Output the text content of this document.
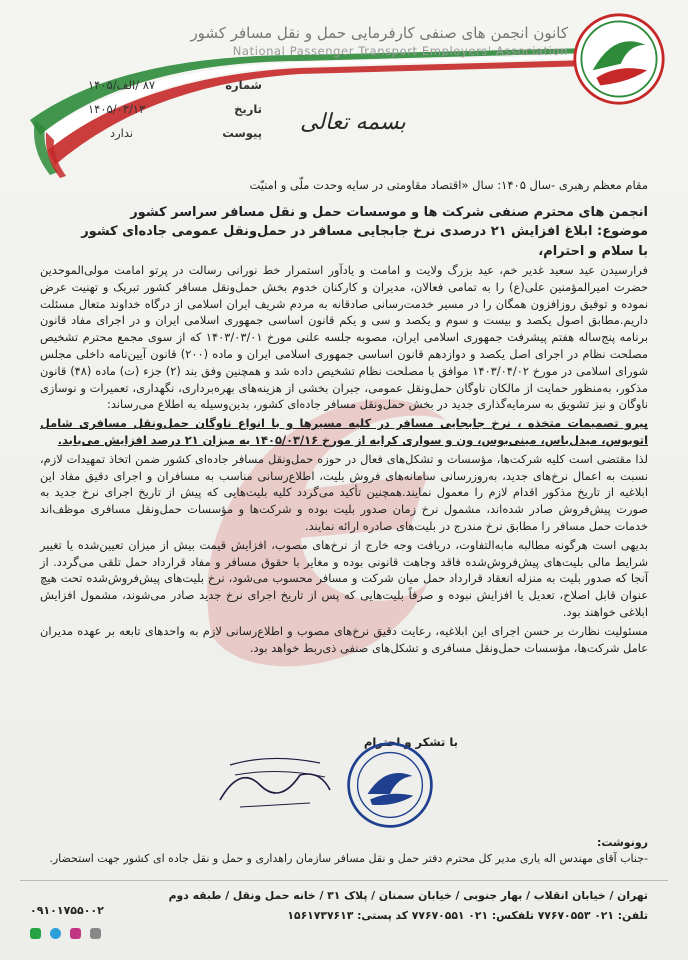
کانون انجمن های صنفی کارفرمایی حمل و نقل مسافر کشور
National Passenger Transport Employers' Association
شماره
۸۷ /الف/۱۴۰۵
تاریخ
۱۴۰۵/۰۳/۱۳
پیوست
ندارد	بسمه تعالی
مقام معظم رهبری -سال ۱۴۰۵: سال «اقتصاد مقاومتی در سایه وحدت ملّی و امنیّت
انجمن های محترم صنفی شرکت ها و موسسات حمل و نقل مسافر سراسر کشور
موضوع: ابلاغ افزایش ۲۱ درصدی نرخ جابجایی مسافر در حمل‌ونقل عمومی جاده‌ای کشور
با سلام و احترام،

فرارسیدن عید سعید غدیر خم، عید بزرگ ولایت و امامت و یادآور استمرار خط نورانی رسالت در پرتو امامت مولی‌الموحدین حضرت امیرالمؤمنین علی(ع) را به تمامی فعالان، مدیران و کارکنان خدوم بخش حمل‌ونقل مسافر کشور تبریک و تهنیت عرض نموده و توفیق روزافزون همگان را در مسیر خدمت‌رسانی صادقانه به مردم شریف ایران اسلامی از درگاه خداوند متعال مسئلت داریم.مطابق اصول یکصد و بیست و سوم و یکصد و سی و یکم قانون اساسی جمهوری اسلامی ایران و در اجرای مفاد قانون برنامه پنج‌ساله هفتم پیشرفت جمهوری اسلامی ایران، مصوبه جلسه علنی مورخ ۱۴۰۳/۰۳/۰۱ که از سوی مجمع محترم تشخیص مصلحت نظام در اجرای اصل یکصد و دوازدهم قانون اساسی جمهوری اسلامی ایران و ماده (۲۰۰) قانون آیین‌نامه داخلی مجلس شورای اسلامی در مورخ ۱۴۰۳/۰۴/۰۲ موافق با مصلحت نظام تشخیص داده شد و همچنین وفق بند (۲) جزء (ت) ماده (۴۸) قانون مذکور، به‌منظور حمایت از مالکان ناوگان حمل‌ونقل عمومی، جبران بخشی از هزینه‌های بهره‌برداری، نگهداری، تعمیرات و نوسازی ناوگان و نیز تشویق به سرمایه‌گذاری جدید در بخش حمل‌ونقل مسافر جاده‌ای کشور، بدین‌وسیله به اطلاع می‌رساند:

پیرو تصمیمات متخذه ، نرخ جابجایی مسافر در کلیه مسیرها و با انواع ناوگان حمل‌ونقل مسافری شامل اتوبوس، میدل‌باس، مینی‌بوس، ون و سواری کرایه از مورخ ۱۴۰۵/۰۳/۱۶ به میزان ۲۱ درصد افزایش می‌یابد.

لذا مقتضی است کلیه شرکت‌ها، مؤسسات و تشکل‌های فعال در حوزه حمل‌ونقل مسافر جاده‌ای کشور ضمن اتخاذ تمهیدات لازم، نسبت به اعمال نرخ‌های جدید، به‌روزرسانی سامانه‌های فروش بلیت، اطلاع‌رسانی مناسب به مسافران و اجرای دقیق مفاد این ابلاغیه از تاریخ مذکور اقدام لازم را معمول نمایند.همچنین تأکید می‌گردد کلیه بلیت‌هایی که پیش از تاریخ اجرای نرخ جدید به صورت پیش‌فروش صادر شده‌اند، مشمول نرخ زمان صدور بلیت بوده و شرکت‌ها و مؤسسات حمل‌ونقل مسافری موظف‌اند خدمات حمل مسافر را مطابق نرخ مندرج در بلیت‌های صادره ارائه نمایند.

بدیهی است هرگونه مطالبه مابه‌التفاوت، دریافت وجه خارج از نرخ‌های مصوب، افزایش قیمت بیش از میزان تعیین‌شده یا تغییر شرایط مالی بلیت‌های پیش‌فروش‌شده فاقد وجاهت قانونی بوده و مغایر با حقوق مسافر و مفاد قرارداد حمل تلقی می‌گردد. از آنجا که صدور بلیت به منزله انعقاد قرارداد حمل میان شرکت و مسافر محسوب می‌شود، نرخ بلیت‌های پیش‌فروش‌شده تحت هیچ عنوان قابل اصلاح، تعدیل یا افزایش نبوده و صرفاً بلیت‌هایی که پس از تاریخ اجرای نرخ جدید صادر می‌شوند، مشمول افزایش ابلاغی خواهند بود.

مسئولیت نظارت بر حسن اجرای این ابلاغیه، رعایت دقیق نرخ‌های مصوب و اطلاع‌رسانی لازم به واحدهای تابعه بر عهده مدیران عامل شرکت‌ها، مؤسسات حمل‌ونقل مسافری و تشکل‌های صنفی ذی‌ربط خواهد بود.

با تشکر و احترام
رونوشت:
-جناب آقای مهندس اله یاری مدیر کل محترم دفتر حمل و نقل مسافر سازمان راهداری و حمل و نقل جاده ای کشور جهت استحضار.
تهران / خیابان انقلاب / بهار جنوبی / خیابان سمنان / پلاک ۳۱ / خانه حمل ونقل / طبقه دوم
تلفن: ۰۲۱ ۷۷۶۷۰۵۵۳ تلفکس: ۰۲۱ ۷۷۶۷۰۵۵۱ کد پستی: ۱۵۶۱۷۳۷۶۱۳
۰۹۱۰۱۷۵۵۰۰۲
